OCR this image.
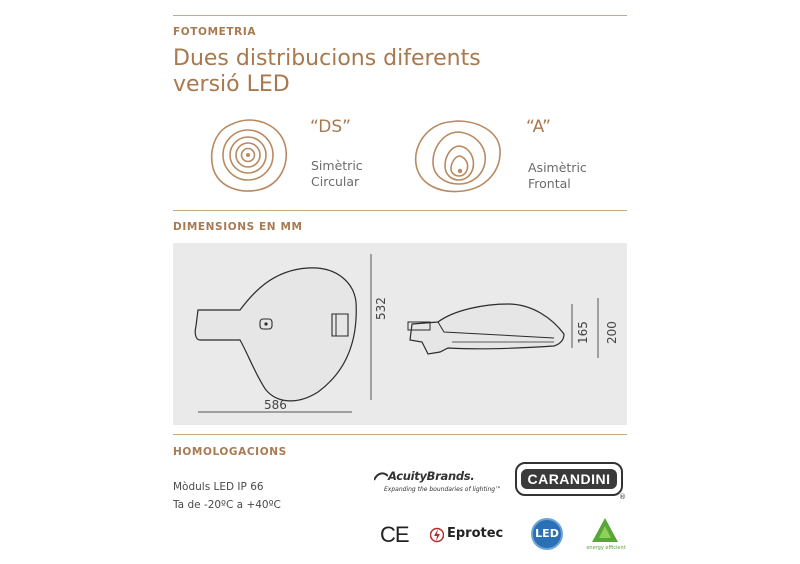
FOTOMETRIA
Dues distribucions diferents
versió LED
“DS”
Simètric
Circular
“A”
Asimètric
Frontal
DIMENSIONS EN MM
586
532
165 200
HOMOLOGACIONS
Mòduls LED IP 66
Ta de -20ºC a +40ºC
AcuityBrands.
Expanding the boundaries of lighting™
CARANDINI
®
CE	Eprotec	LED
energy efficient
